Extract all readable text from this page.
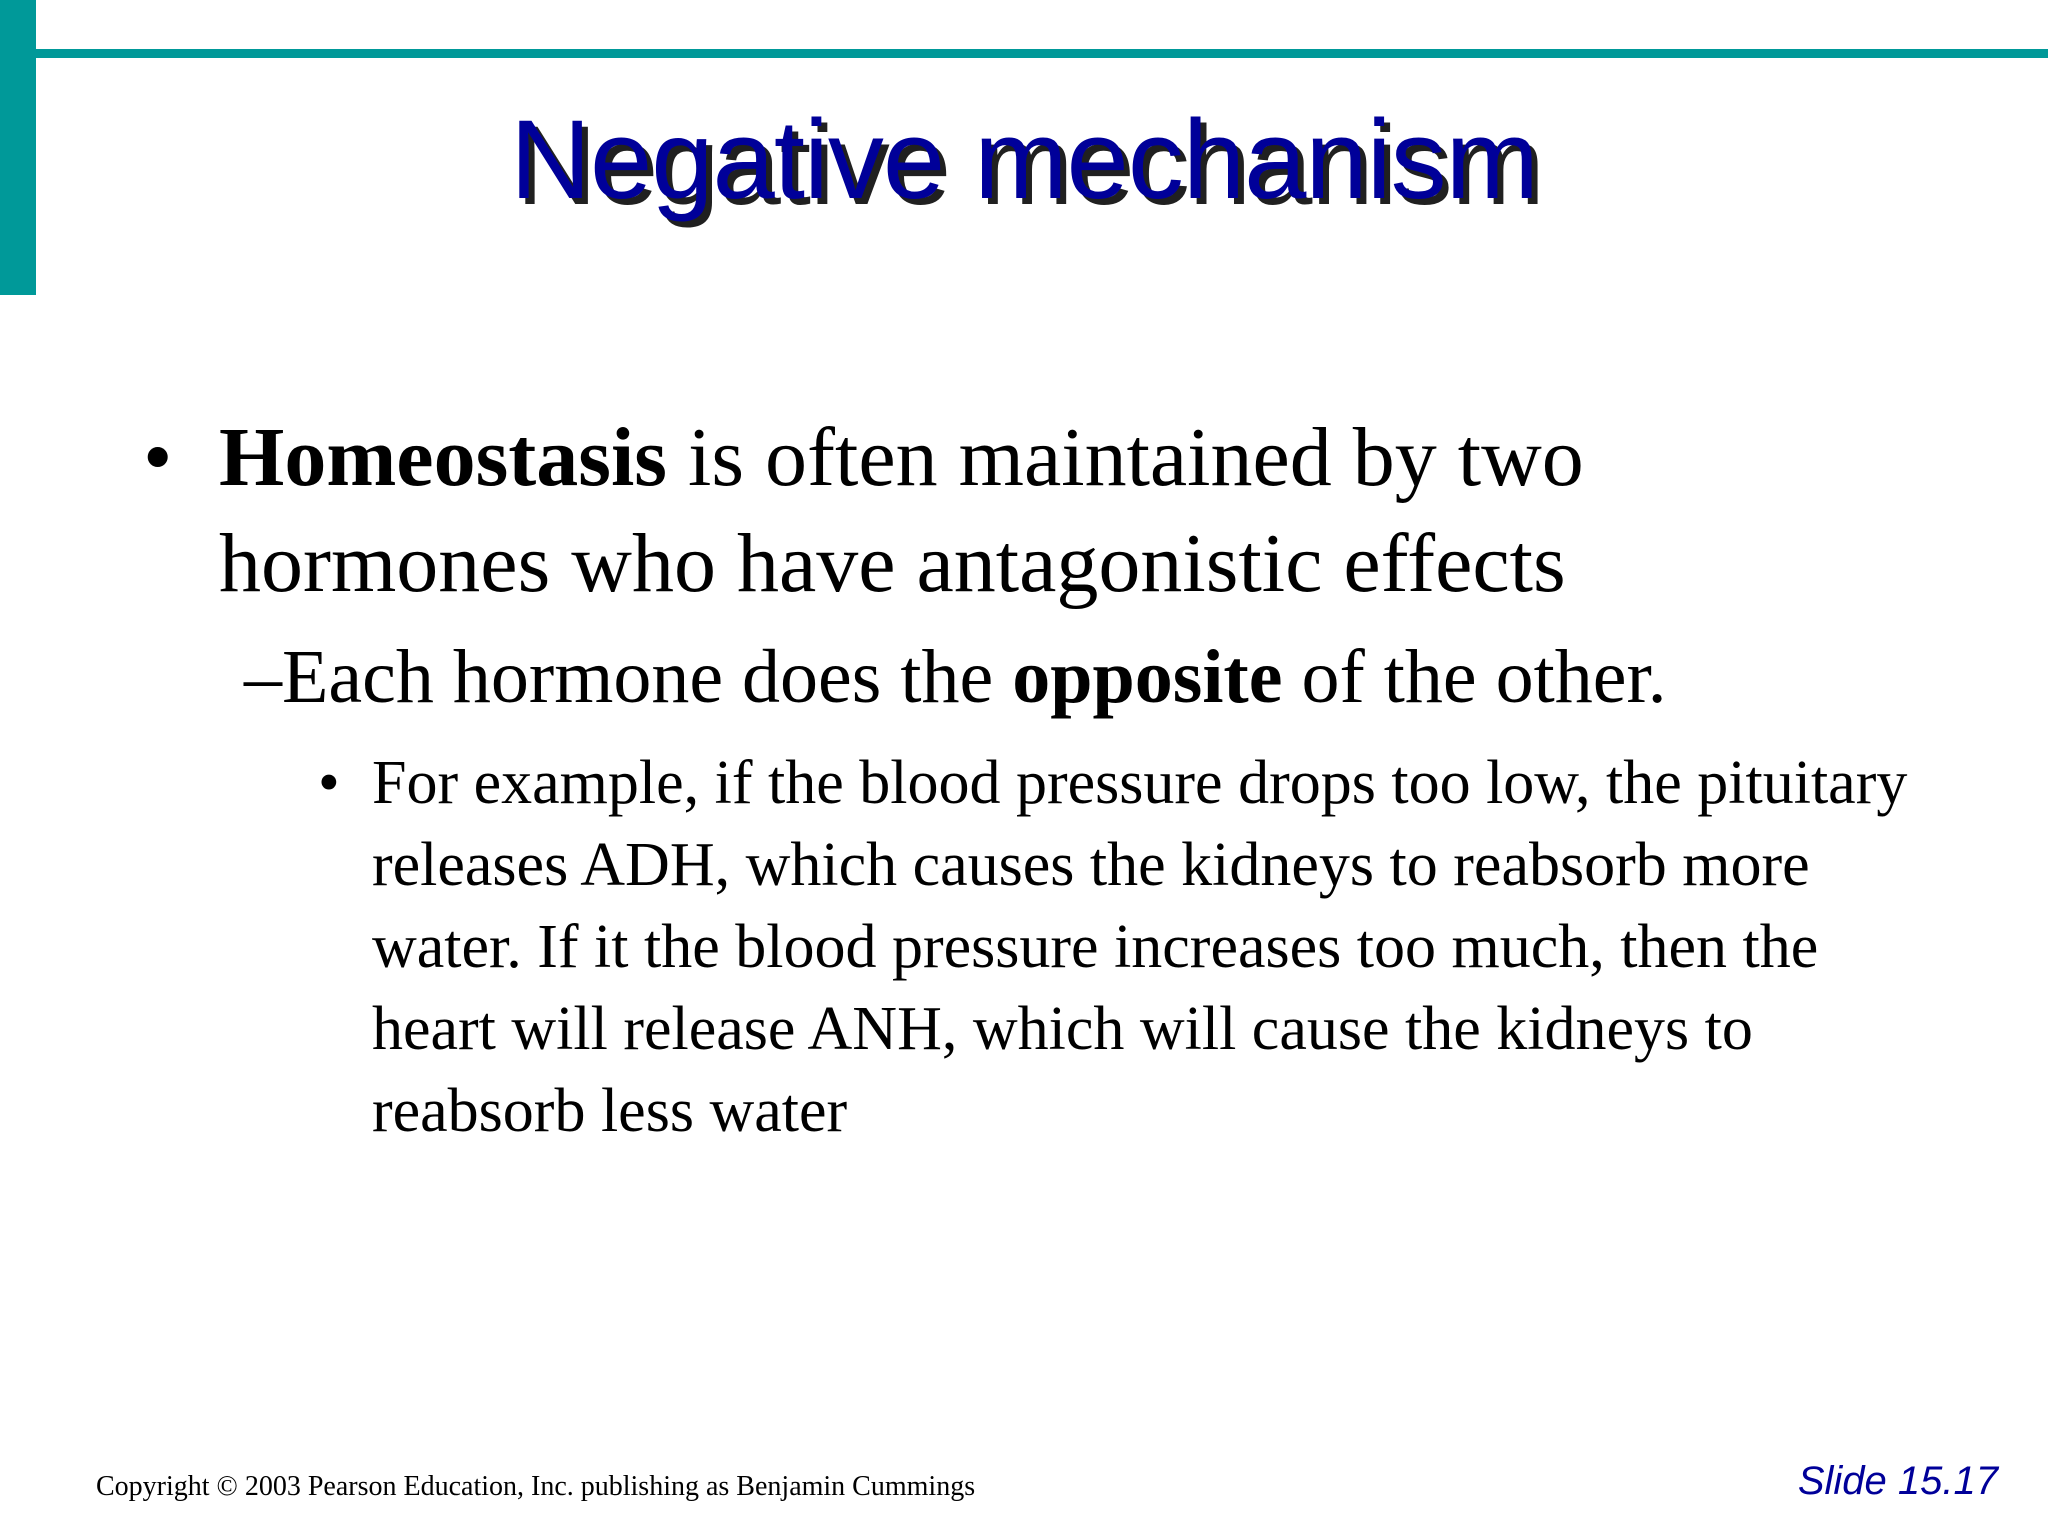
Negative mechanism
• Homeostasis is often maintained by two hormones who have antagonistic effects
–Each hormone does the opposite of the other.
• For example, if the blood pressure drops too low, the pituitary releases ADH, which causes the kidneys to reabsorb more water. If it the blood pressure increases too much, then the heart will release ANH, which will cause the kidneys to reabsorb less water
Copyright © 2003 Pearson Education, Inc. publishing as Benjamin Cummings	Slide 15.17
